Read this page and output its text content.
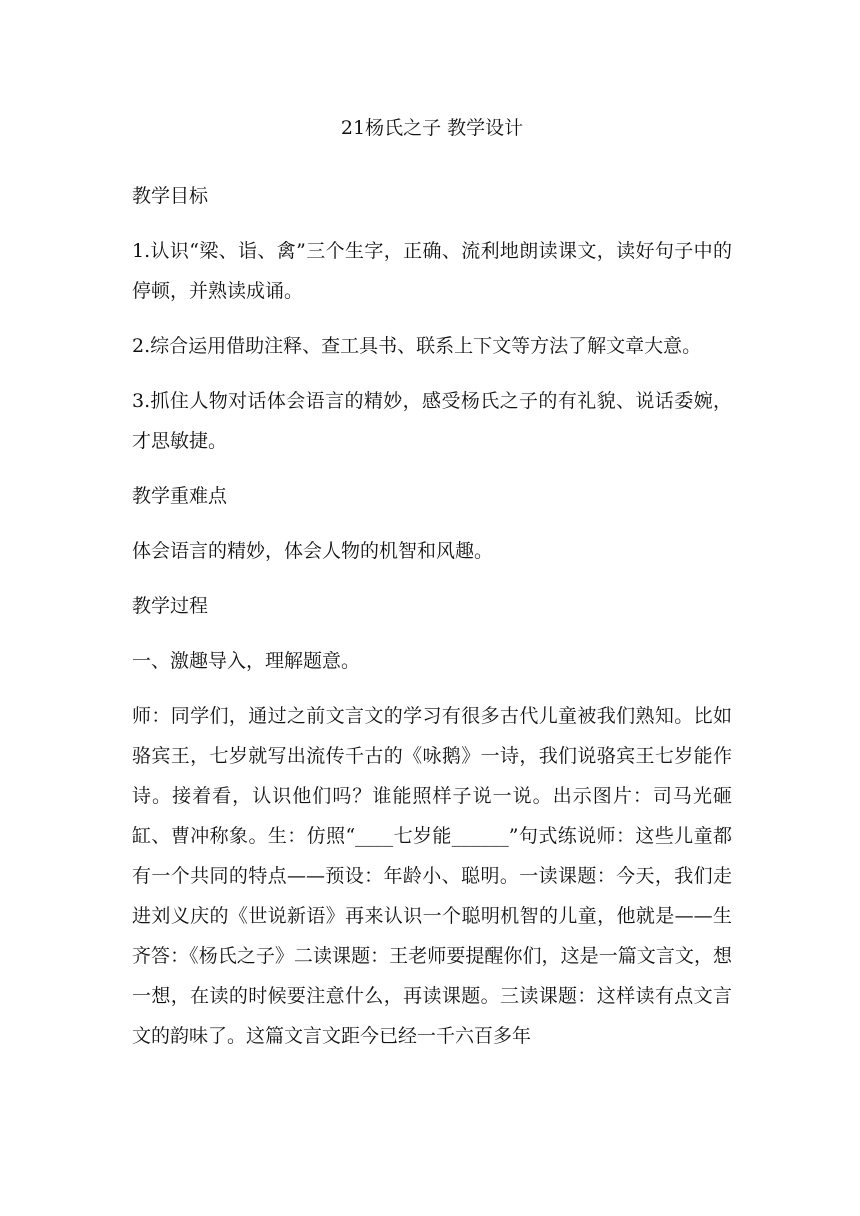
21杨氏之子 教学设计
教学目标
1.认识“梁、诣、禽”三个生字，正确、流利地朗读课文，读好句子中的停顿，并熟读成诵。
2.综合运用借助注释、查工具书、联系上下文等方法了解文章大意。
3.抓住人物对话体会语言的精妙，感受杨氏之子的有礼貌、说话委婉，才思敏捷。
教学重难点
体会语言的精妙，体会人物的机智和风趣。
教学过程
一、激趣导入，理解题意。
师：同学们，通过之前文言文的学习有很多古代儿童被我们熟知。比如骆宾王，七岁就写出流传千古的《咏鹅》一诗，我们说骆宾王七岁能作诗。接着看，认识他们吗？谁能照样子说一说。出示图片：司马光砸缸、曹冲称象。生：仿照“____七岁能______”句式练说师：这些儿童都有一个共同的特点——预设：年龄小、聪明。一读课题：今天，我们走进刘义庆的《世说新语》再来认识一个聪明机智的儿童，他就是——生齐答：《杨氏之子》二读课题：王老师要提醒你们，这是一篇文言文，想一想，在读的时候要注意什么，再读课题。三读课题：这样读有点文言文的韵味了。这篇文言文距今已经一千六百多年
